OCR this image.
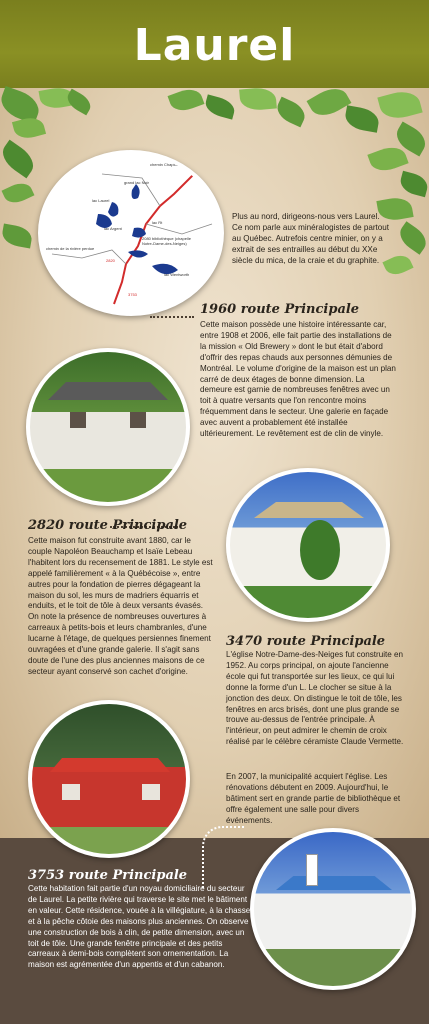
Laurel
chemin Chaplow
grand lac Noir
lac Laurel
lac Argent
lac Rt
2080 bibliothèque (chapelle Notre-Dame-des-Neiges)
chemin de la rivière perdue
lac Wentworth
1960
2820
3753
Plus au nord, dirigeons-nous vers Laurel. Ce nom parle aux minéralogistes de partout au Québec. Autrefois centre minier, on y a extrait de ses entrailles au début du XXe siècle du mica, de la craie et du graphite.
1960 route Principale
Cette maison possède une histoire intéressante car, entre 1908 et 2006, elle fait partie des installations de la mission « Old Brewery » dont le but était d'abord d'offrir des repas chauds aux personnes démunies de Montréal. Le volume d'origine de la maison est un plan carré de deux étages de bonne dimension. La demeure est garnie de nombreuses fenêtres avec un toit à quatre versants que l'on rencontre moins fréquemment dans le secteur. Une galerie en façade avec auvent a probablement été installée ultérieurement. Le revêtement est de clin de vinyle.
2820 route Principale
Cette maison fut construite avant 1880, car le couple Napoléon Beauchamp et Isaïe Lebeau l'habitent lors du recensement de 1881. Le style est appelé familièrement « à la Québécoise », entre autres pour la fondation de pierres dégageant la maison du sol, les murs de madriers équarris et enduits, et le toit de tôle à deux versants évasés. On note la présence de nombreuses ouvertures à carreaux à petits-bois et leurs chambranles, d'une lucarne à l'étage, de quelques persiennes finement ouvragées et d'une grande galerie. Il s'agit sans doute de l'une des plus anciennes maisons de ce secteur ayant conservé son cachet d'origine.
3470 route Principale
L'église Notre-Dame-des-Neiges fut construite en 1952. Au corps principal, on ajoute l'ancienne école qui fut transportée sur les lieux, ce qui lui donne la forme d'un L. Le clocher se situe à la jonction des deux. On distingue le toit de tôle, les fenêtres en arcs brisés, dont une plus grande se trouve au-dessus de l'entrée principale. À l'intérieur, on peut admirer le chemin de croix réalisé par le célèbre céramiste Claude Vermette.
En 2007, la municipalité acquiert l'église. Les rénovations débutent en 2009. Aujourd'hui, le bâtiment sert en grande partie de bibliothèque et offre également une salle pour divers événements.
3753 route Principale
Cette habitation fait partie d'un noyau domiciliaire du secteur de Laurel. La petite rivière qui traverse le site met le bâtiment en valeur. Cette résidence, vouée à la villégiature, à la chasse et à la pêche côtoie des maisons plus anciennes. On observe une construction de bois à clin, de petite dimension, avec un toit de tôle. Une grande fenêtre principale et des petits carreaux à demi-bois complètent son ornementation. La maison est agrémentée d'un appentis et d'un cabanon.
